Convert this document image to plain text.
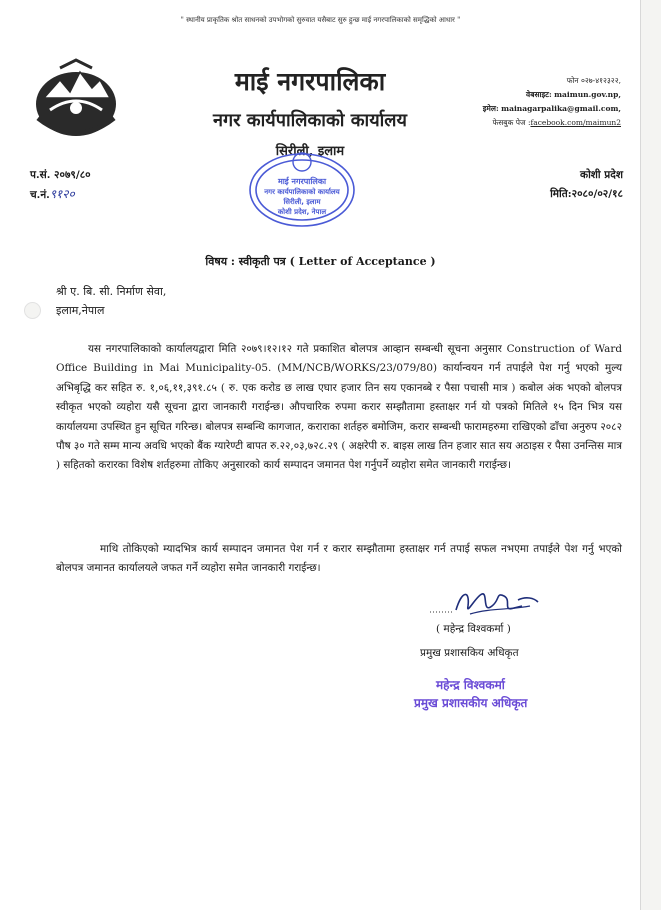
" स्थानीय प्राकृतिक श्रोत साधनको उपभोगको सुरुवात यसैबाट सुरु हुन्छ माई नगरपालिकाको समृद्धिको आधार "
माई नगरपालिका
नगर कार्यपालिकाको कार्यालय
सिरीली, इलाम
फोन ०२७-४१२३२२,
वेबसाइट: maimun.gov.np,
इमेल: mainagarpalika@gmail.com,
फेसबुक पेज :facebook.com/maimun2
प.सं. २०७९/८०
च.नं.९१२०
कोशी प्रदेश
मिति:२०८०/०२/१८
माई नगरपालिका
नगर कार्यपालिकाको कार्यालय
सिरीली, इलाम
कोशी प्रदेश, नेपाल
विषय : स्वीकृती पत्र ( Letter of Acceptance )
श्री ए. बि. सी. निर्माण सेवा,
इलाम,नेपाल
यस नगरपालिकाको कार्यालयद्वारा मिति २०७९।१२।१२ गते प्रकाशित बोलपत्र आव्हान सम्बन्धी सूचना अनुसार Construction of Ward Office Building in Mai Municipality-05. (MM/NCB/WORKS/23/079/80) कार्यान्वयन गर्न तपाईले पेश गर्नु भएको मुल्य अभिबृद्धि कर सहित रु. १,०६,११,३९१.८५ ( रु. एक करोड छ लाख एघार हजार तिन सय एकानब्बे र पैसा पचासी मात्र ) कबोल अंक भएको बोलपत्र स्वीकृत भएको व्यहोरा यसै सूचना द्वारा जानकारी गराईन्छ। औपचारिक रुपमा करार सम्झौतामा हस्ताक्षर गर्न यो पत्रको मितिले १५ दिन भित्र यस कार्यालयमा उपस्थित हुन सूचित गरिन्छ। बोलपत्र सम्बन्धि कागजात, कराराका शर्तहरु बमोजिम, करार सम्बन्धी फारामहरुमा राखिएको ढाँचा अनुरुप २०८२ पौष ३० गते सम्म मान्य अवधि भएको बैंक ग्यारेण्टी बापत रु.२२,०३,७२८.२९ ( अक्षरेपी रु. बाइस लाख तिन हजार सात सय अठाइस र पैसा उनन्तिस मात्र ) सहितको करारका विशेष शर्तहरुमा तोकिए अनुसारको कार्य सम्पादन जमानत पेश गर्नुपर्ने व्यहोरा समेत जानकारी गराईन्छ।
माथि तोकिएको म्यादभित्र कार्य सम्पादन जमानत पेश गर्न र करार सम्झौतामा हस्ताक्षर गर्न तपाई सफल नभएमा तपाईले पेश गर्नु भएको बोलपत्र जमानत कार्यालयले जफत गर्ने व्यहोरा समेत जानकारी गराईन्छ।
( महेन्द्र विश्वकर्मा )
प्रमुख प्रशासकिय अधिकृत
महेन्द्र विश्वकर्मा
प्रमुख प्रशासकीय अधिकृत
